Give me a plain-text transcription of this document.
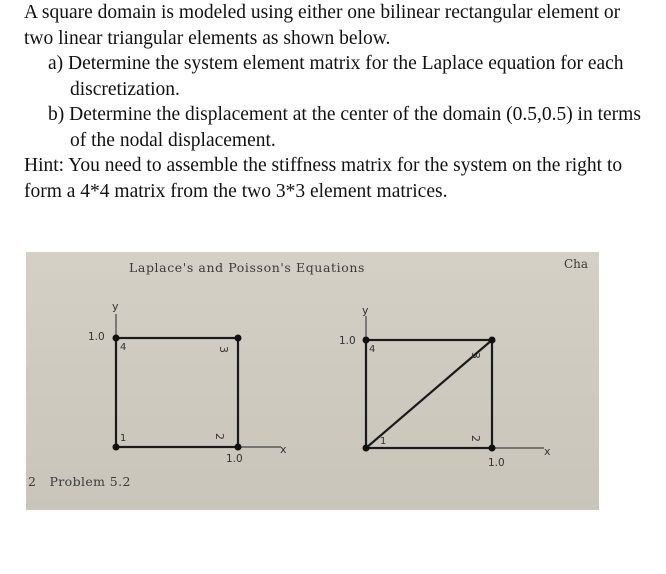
A square domain is modeled using either one bilinear rectangular element or two linear triangular elements as shown below.

a) Determine the system element matrix for the Laplace equation for each discretization.

b) Determine the displacement at the center of the domain (0.5,0.5) in terms of the nodal displacement.

Hint: You need to assemble the stiffness matrix for the system on the right to form a 4*4 matrix from the two 3*3 element matrices.

Laplace's and Poisson's Equations	Cha
y
x
1.0
1.0
1	2
3
4
y
x
1.0
1.0
1	2
3
4
2   Problem 5.2
